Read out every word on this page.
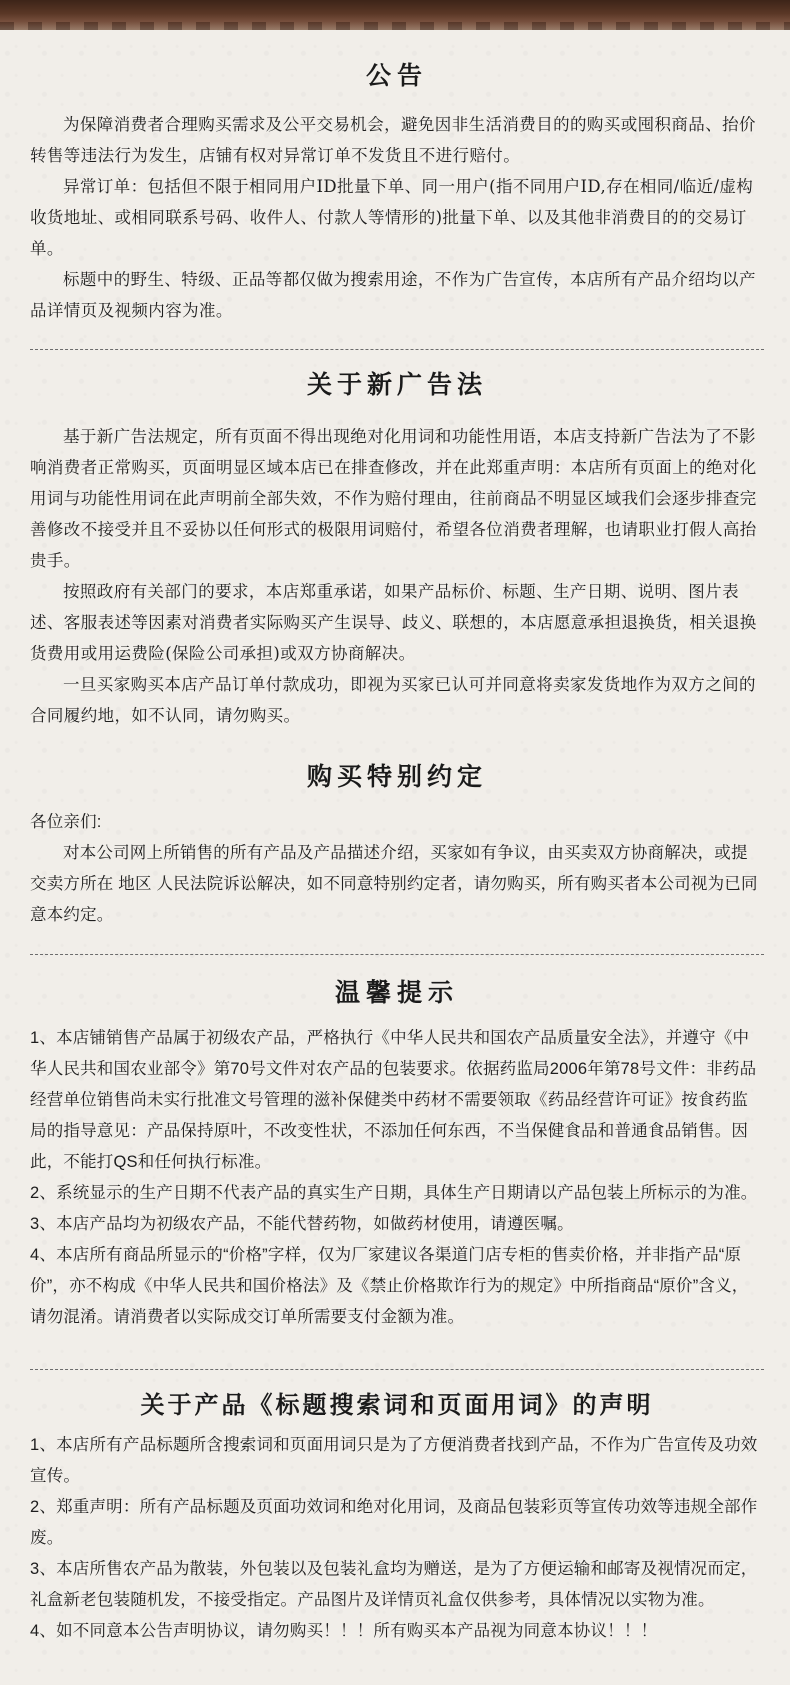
公告

为保障消费者合理购买需求及公平交易机会，避免因非生活消费目的的购买或囤积商品、抬价转售等违法行为发生，店铺有权对异常订单不发货且不进行赔付。

异常订单：包括但不限于相同用户ID批量下单、同一用户(指不同用户ID,存在相同/临近/虚构收货地址、或相同联系号码、收件人、付款人等情形的)批量下单、以及其他非消费目的的交易订单。

标题中的野生、特级、正品等都仅做为搜索用途，不作为广告宣传，本店所有产品介绍均以产品详情页及视频内容为准。

关于新广告法

基于新广告法规定，所有页面不得出现绝对化用词和功能性用语，本店支持新广告法为了不影响消费者正常购买，页面明显区域本店已在排查修改，并在此郑重声明：本店所有页面上的绝对化用词与功能性用词在此声明前全部失效，不作为赔付理由，往前商品不明显区域我们会逐步排查完善修改不接受并且不妥协以任何形式的极限用词赔付，希望各位消费者理解，也请职业打假人高抬贵手。

按照政府有关部门的要求，本店郑重承诺，如果产品标价、标题、生产日期、说明、图片表述、客服表述等因素对消费者实际购买产生误导、歧义、联想的，本店愿意承担退换货，相关退换货费用或用运费险(保险公司承担)或双方协商解决。

一旦买家购买本店产品订单付款成功，即视为买家已认可并同意将卖家发货地作为双方之间的合同履约地，如不认同，请勿购买。

购买特别约定

各位亲们:

对本公司网上所销售的所有产品及产品描述介绍，买家如有争议，由买卖双方协商解决，或提交卖方所在 地区 人民法院诉讼解决，如不同意特别约定者，请勿购买，所有购买者本公司视为已同意本约定。

温馨提示

1、本店铺销售产品属于初级农产品，严格执行《中华人民共和国农产品质量安全法》，并遵守《中华人民共和国农业部令》第70号文件对农产品的包装要求。依据药监局2006年第78号文件：非药品经营单位销售尚未实行批准文号管理的滋补保健类中药材不需要领取《药品经营许可证》按食药监局的指导意见：产品保持原叶，不改变性状，不添加任何东西，不当保健食品和普通食品销售。因此，不能打QS和任何执行标准。

2、系统显示的生产日期不代表产品的真实生产日期，具体生产日期请以产品包装上所标示的为准。

3、本店产品均为初级农产品，不能代替药物，如做药材使用，请遵医嘱。

4、本店所有商品所显示的“价格”字样，仅为厂家建议各渠道门店专柜的售卖价格，并非指产品“原价”，亦不构成《中华人民共和国价格法》及《禁止价格欺诈行为的规定》中所指商品“原价”含义，请勿混淆。请消费者以实际成交订单所需要支付金额为准。

关于产品《标题搜索词和页面用词》的声明

1、本店所有产品标题所含搜索词和页面用词只是为了方便消费者找到产品，不作为广告宣传及功效宣传。

2、郑重声明：所有产品标题及页面功效词和绝对化用词，及商品包装彩页等宣传功效等违规全部作废。

3、本店所售农产品为散装，外包装以及包装礼盒均为赠送，是为了方便运输和邮寄及视情况而定，礼盒新老包装随机发，不接受指定。产品图片及详情页礼盒仅供参考，具体情况以实物为准。

4、如不同意本公告声明协议，请勿购买！！！所有购买本产品视为同意本协议！！！
